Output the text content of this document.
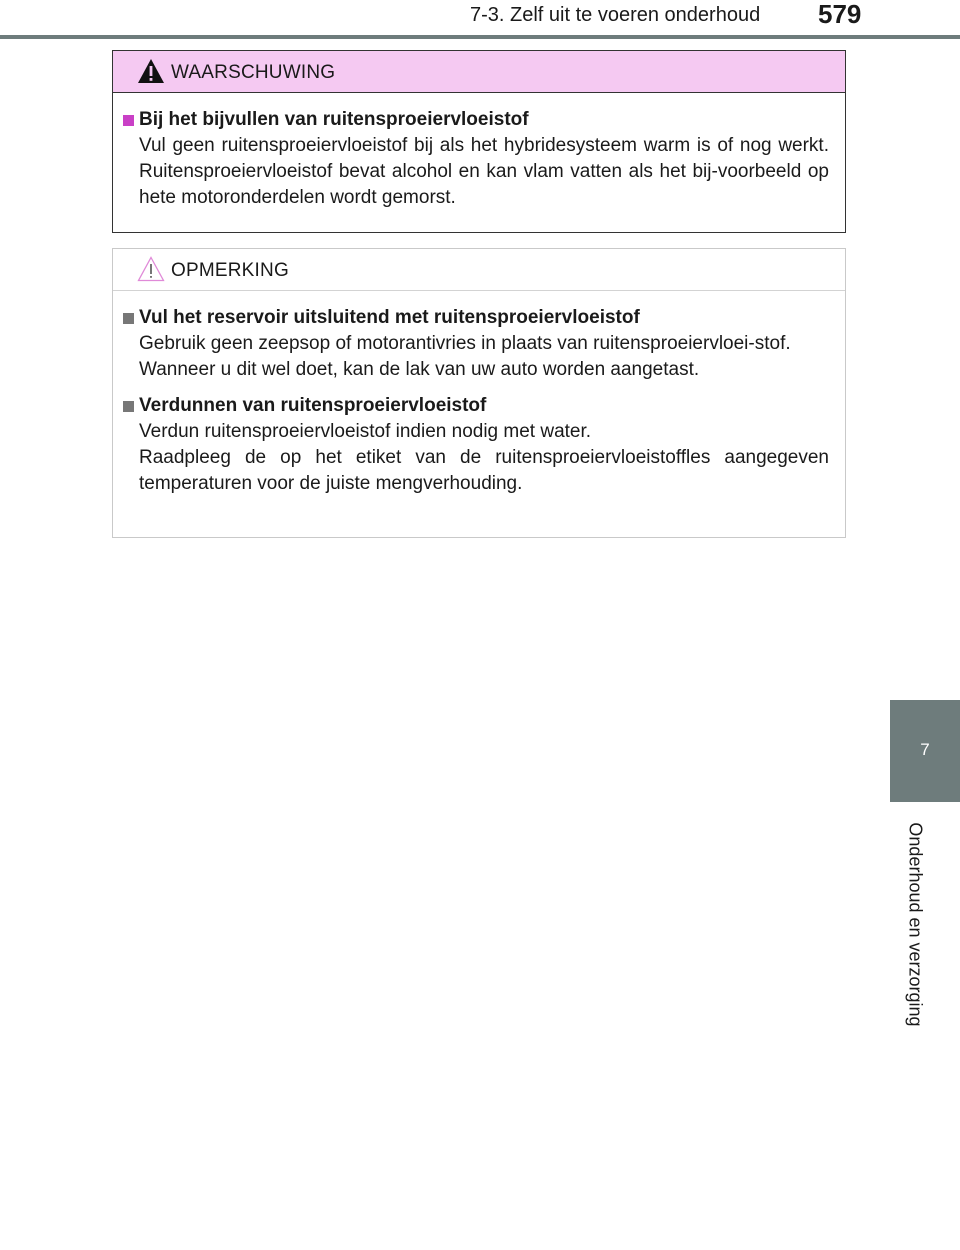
7-3. Zelf uit te voeren onderhoud 579
7
Onderhoud en verzorging
WAARSCHUWING
Bij het bijvullen van ruitensproeiervloeistof
Vul geen ruitensproeiervloeistof bij als het hybridesysteem warm is of nog werkt. Ruitensproeiervloeistof bevat alcohol en kan vlam vatten als het bij-voorbeeld op hete motoronderdelen wordt gemorst.
OPMERKING
Vul het reservoir uitsluitend met ruitensproeiervloeistof
Gebruik geen zeepsop of motorantivries in plaats van ruitensproeiervloei-stof.
Wanneer u dit wel doet, kan de lak van uw auto worden aangetast.
Verdunnen van ruitensproeiervloeistof
Verdun ruitensproeiervloeistof indien nodig met water.
Raadpleeg de op het etiket van de ruitensproeiervloeistoffles aangegeven temperaturen voor de juiste mengverhouding.
